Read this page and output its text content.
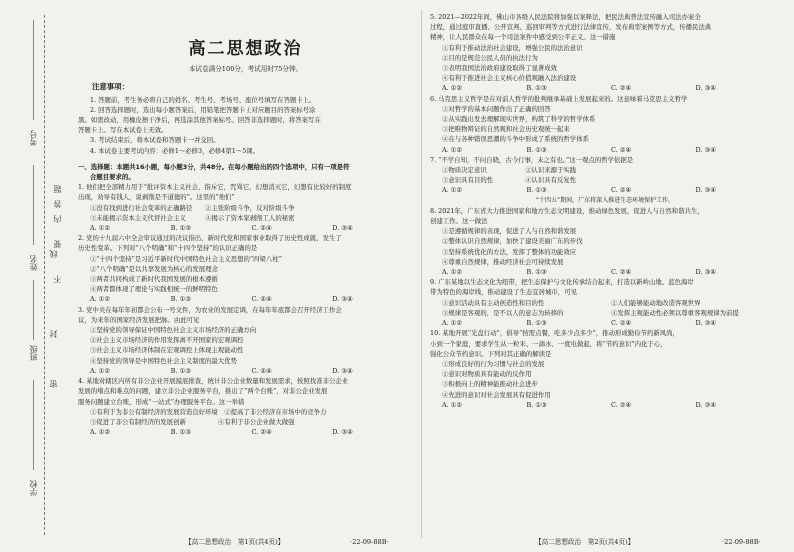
考号
姓名
班级
学校
密
封
线
内
不
要
答
题
高二思想政治
本试卷满分100分，考试用时75分钟。
注意事项：

1. 答题前，考生务必将自己的姓名、考生号、考场号、座位号填写在答题卡上。

2. 回答选择题时，选出每小题答案后，用铅笔把答题卡上对应题目的答案标号涂

黑。如需改动，用橡皮擦干净后，再选涂其他答案标号。回答非选择题时，将答案写在

答题卡上。写在本试卷上无效。

3. 考试结束后，将本试卷和答题卡一并交回。

4. 本试卷主要考试内容：必修1～必修3，必修4第1～5课。

一、选择题：本题共16小题，每小题3分，共48分。在每小题给出的四个选项中，只有一项是符

合题目要求的。

1. 他们把全部精力用于“批评资本主义社会，指斥它，咒骂它，幻想消灭它，幻想有比较好的制度

出现，劝导有钱人，说剥削是不道德的”。这里的“他们”

①没有找到进行社会变革的正确路径　　②主张阶级斗争，反对阶级斗争

③未能揭示资本主义代替社会主义　　　④揭示了资本家剥削工人的秘密

A. ①②	B. ①③	C. ②④	D. ③④

2. 党的十九届六中全会审议通过的决议指出，新时代党和国家事业取得了历史性成就、发生了

历史性变革。下列对“八个明确”和“十四个坚持”的认识正确的是

①“十四个坚持”是习近平新时代中国特色社会主义思想的“四梁八柱”

②“八个明确”是以共享发展为核心的发展理念

③两者共同构成了新时代我国发展的根本遵循

④两者都体现了理论与实践相统一的鲜明特色

A. ①②	B. ①③	C. ②④	D. ③④

3. 党中央在每年年初都会公布一号文件，为农业的发展定调，在每年年底都会召开经济工作会

议，为来年的国家经济发展把脉。由此可见

①坚持党的领导保证中国特色社会主义市场经济的正确方向

②社会主义市场经济的作用发挥离不开国家的宏观调控

③社会主义市场经济体制在宏观调控上体现主观能动性

④坚持党的领导是中国特色社会主义制度的最大优势

A. ①②	B. ①③	C. ②④	D. ③④

4. 某地对辖区内所有非公企业开展摸底排查，统计非公企业数量和发展需求，按照找准非公企业

发展的堵点和难点的问题，建立非公企业服务平台，推出了“两个台账”，对非公企业发展

服务问题建立台账，形成“一站式”办理服务平台。这一举措

①有利于为非公有制经济的发展营造良好环境　②提高了非公经济在市场中的竞争力

③促进了非公有制经济的发展创新　　　　　④有利于非公企业做大做强

A. ①②	B. ①③	C. ②④	D. ③④
【高二思想政治　第1页(共4页)】	·22-09-88B·

5. 2021—2022年间，佛山市各级人民法院将加强以案释法，把民法典普法宣传融入司法办案全

过程，通过庭审直播、公开宣判、巡回审判等方式进行法律宣传，发布典型案例等方式，传播民法典

精神，让人民群众在每一个司法案件中感受到公平正义。这一措施

①有利于推动法治社会建设，增强公民的法治意识

②目的是规范公民人员的执法行为

③表明我国法治政府建设取得了显著成效

④有利于推进社会主义核心价值观融入法治建设

A. ①②	B. ①③	C. ②④	D. ③④

6. 马克思主义哲学是在对前人哲学的批判继承基础上发展起来的。这意味着马克思主义哲学

①对哲学的基本问题作出了正确的回答

②从实践出发去理解现实世界，构筑了科学的哲学体系

③把唯物辩证的自然观和社会历史观统一起来

④在与各种错误思潮的斗争中形成了系统的哲学体系

A. ①②	B. ①③	C. ②④	D. ③④

7. “不学自知，不问自晓，古今行事，未之有也。”这一观点的哲学依据是

①物质决定意识　　　　　　②认识来源于实践

③意识具有目的性　　　　　④认识具有反复性

A. ①②	B. ①③	C. ②④	D. ③④

“十四五”期间，广东将深入推进生态环境保护工作。

8. 2021年，广东省大力推进国家和地方生态文明建设，推动绿色发展，促进人与自然和谐共生，

创建工作。这一做法

①是遵循规律的表现，促进了人与自然和谐发展

②整体认识自然规律，加快了建设美丽广东的步伐

③坚持系统优化的方法，发挥了整体的功能效应

④尊重自然规律，推动经济社会可持续发展

A. ①②	B. ①③	C. ②④	D. ③④

9. 广东某地以生态文化为纽带，把生态保护与文化传承结合起来，打造以新岭山地、蓝色海岸

带为特色的海岸线，推动建设了生态宜居城市，可见

①意识活动具有主动创造性和目的性	②人们能够能动地改造客观世界
③规律是客观的，是不以人的意志为转移的	④发挥主观能动性必须以尊重客观规律为前提
A. ①②	B. ①③	C. ②④	D. ③④

10. 某地开展“光盘行动”，倡导“按需点餐，吃多少点多少”，推动形成勤俭节约新风尚，

小到一个家庭，要求学生从一粒米、一滴水、一度电做起，将“节约意识”内化于心，

强化公众节约意识。下列对其正确的解读是

①形成良好的行为习惯与社会的发展

②意识对物质具有能动的反作用

③积极向上的精神能推动社会进步

④先进的意识对社会发展具有促进作用

A. ①②	B. ①③	C. ②④	D. ③④
【高二思想政治　第2页(共4页)】	·22-09-88B·
